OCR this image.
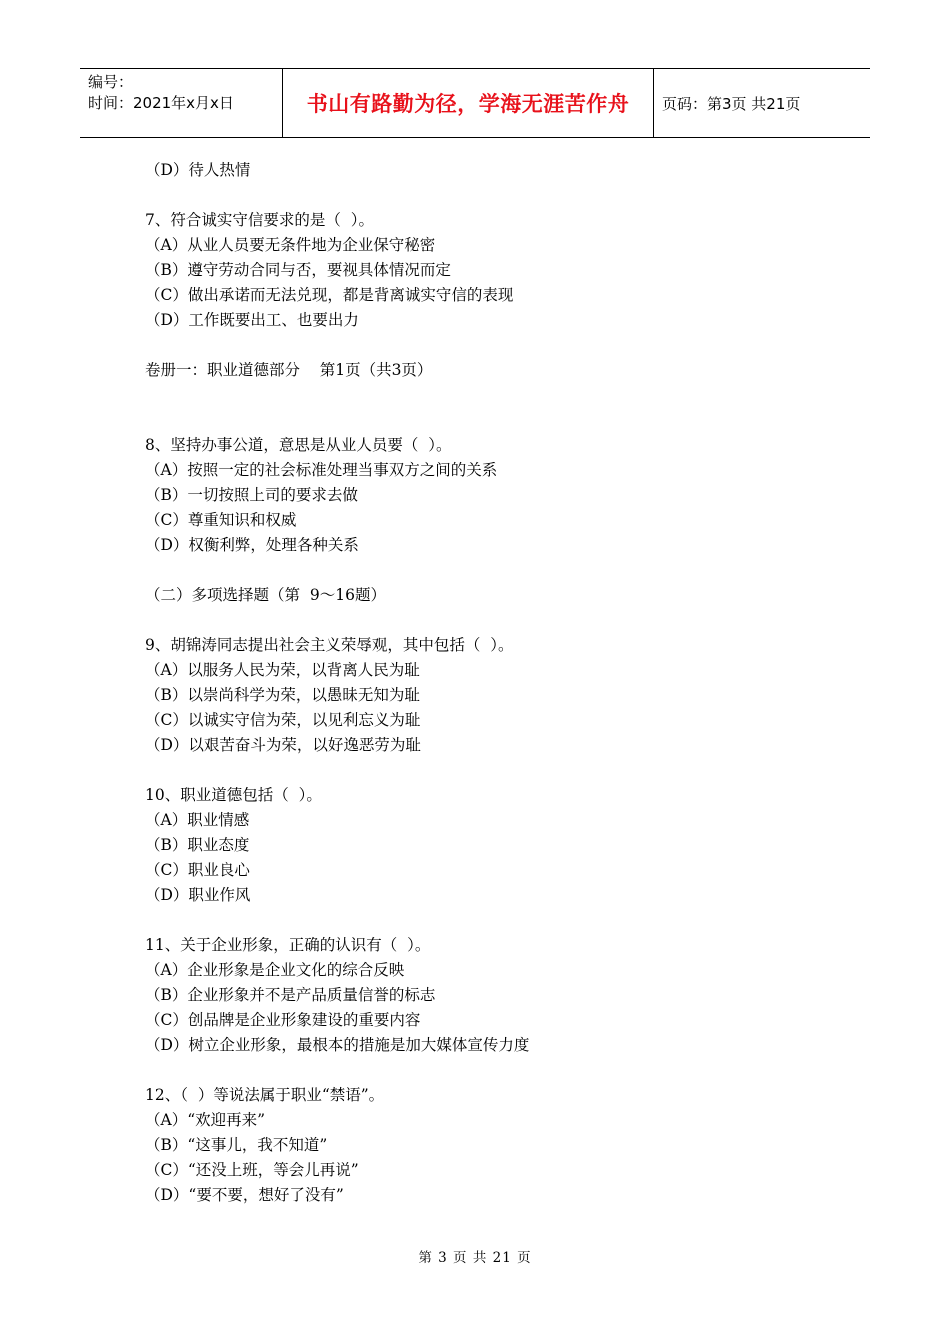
编号：
时间：2021年x月x日	书山有路勤为径，学海无涯苦作舟	页码：第3页 共21页
（D）待人热情
7、符合诚实守信要求的是（  ）。
（A）从业人员要无条件地为企业保守秘密
（B）遵守劳动合同与否，要视具体情况而定
（C）做出承诺而无法兑现，都是背离诚实守信的表现
（D）工作既要出工、也要出力
卷册一：职业道德部分    第1页（共3页）
8、坚持办事公道，意思是从业人员要（  ）。
（A）按照一定的社会标准处理当事双方之间的关系
（B）一切按照上司的要求去做
（C）尊重知识和权威
（D）权衡利弊，处理各种关系
（二）多项选择题（第  9～16题）
9、胡锦涛同志提出社会主义荣辱观，其中包括（  ）。
（A）以服务人民为荣，以背离人民为耻
（B）以崇尚科学为荣，以愚昧无知为耻
（C）以诚实守信为荣，以见利忘义为耻
（D）以艰苦奋斗为荣，以好逸恶劳为耻
10、职业道德包括（  ）。
（A）职业情感
（B）职业态度
（C）职业良心
（D）职业作风
11、关于企业形象，正确的认识有（  ）。
（A）企业形象是企业文化的综合反映
（B）企业形象并不是产品质量信誉的标志
（C）创品牌是企业形象建设的重要内容
（D）树立企业形象，最根本的措施是加大媒体宣传力度
12、（  ）等说法属于职业“禁语”。
（A）“欢迎再来”
（B）“这事儿，我不知道”
（C）“还没上班，等会儿再说”
（D）“要不要，想好了没有”
第 3 页 共 21 页
